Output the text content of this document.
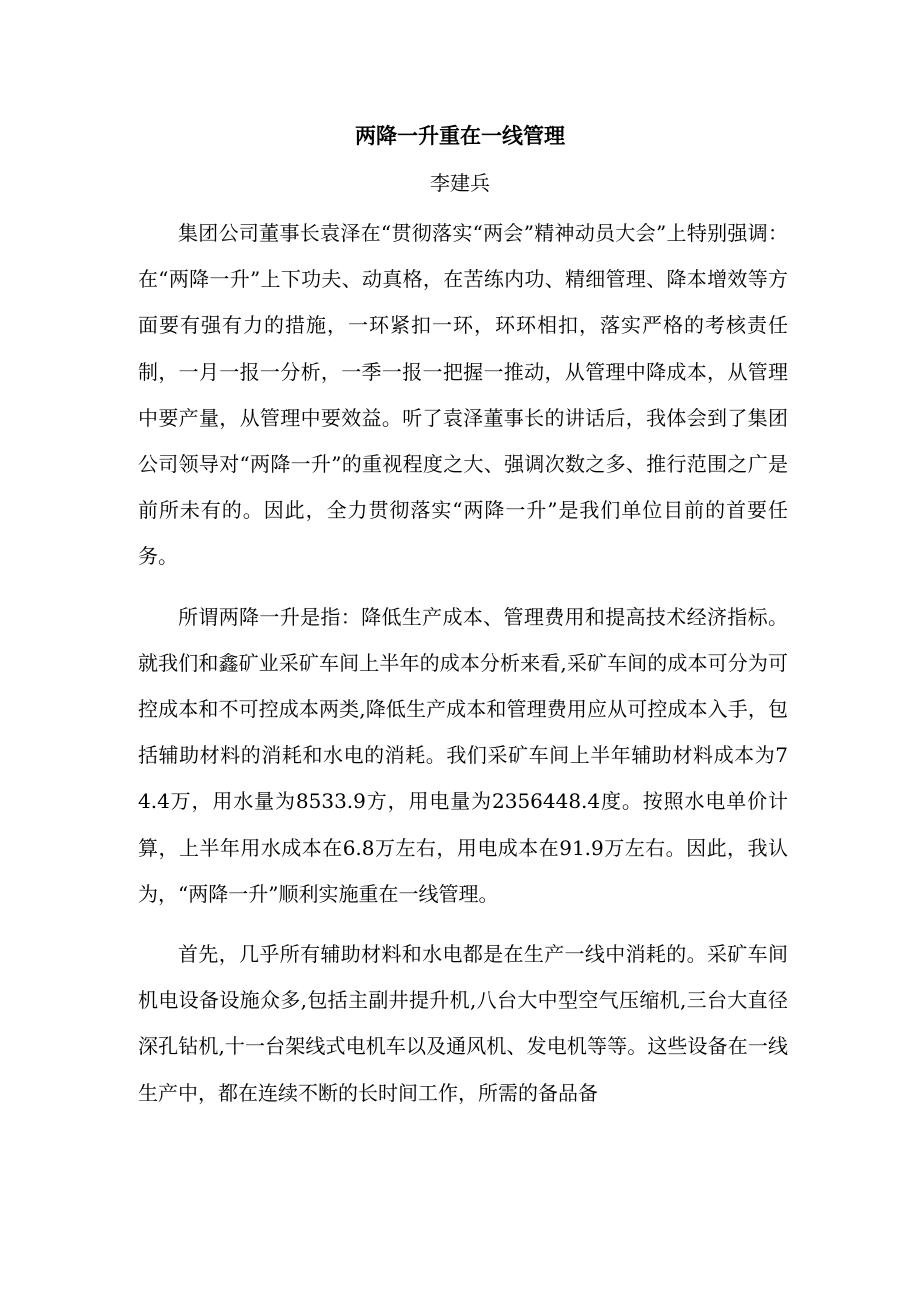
两降一升重在一线管理
李建兵

集团公司董事长袁泽在“贯彻落实“两会”精神动员大会”上特别强调：在“两降一升”上下功夫、动真格，在苦练内功、精细管理、降本增效等方面要有强有力的措施，一环紧扣一环，环环相扣，落实严格的考核责任制，一月一报一分析，一季一报一把握一推动，从管理中降成本，从管理中要产量，从管理中要效益。听了袁泽董事长的讲话后，我体会到了集团公司领导对“两降一升”的重视程度之大、强调次数之多、推行范围之广是前所未有的。因此，全力贯彻落实“两降一升”是我们单位目前的首要任务。

所谓两降一升是指：降低生产成本、管理费用和提高技术经济指标。就我们和鑫矿业采矿车间上半年的成本分析来看,采矿车间的成本可分为可控成本和不可控成本两类,降低生产成本和管理费用应从可控成本入手，包括辅助材料的消耗和水电的消耗。我们采矿车间上半年辅助材料成本为74.4万，用水量为8533.9方，用电量为2356448.4度。按照水电单价计算，上半年用水成本在6.8万左右，用电成本在91.9万左右。因此，我认为，“两降一升”顺利实施重在一线管理。

首先，几乎所有辅助材料和水电都是在生产一线中消耗的。采矿车间机电设备设施众多,包括主副井提升机,八台大中型空气压缩机,三台大直径深孔钻机,十一台架线式电机车以及通风机、发电机等等。这些设备在一线生产中，都在连续不断的长时间工作，所需的备品备
